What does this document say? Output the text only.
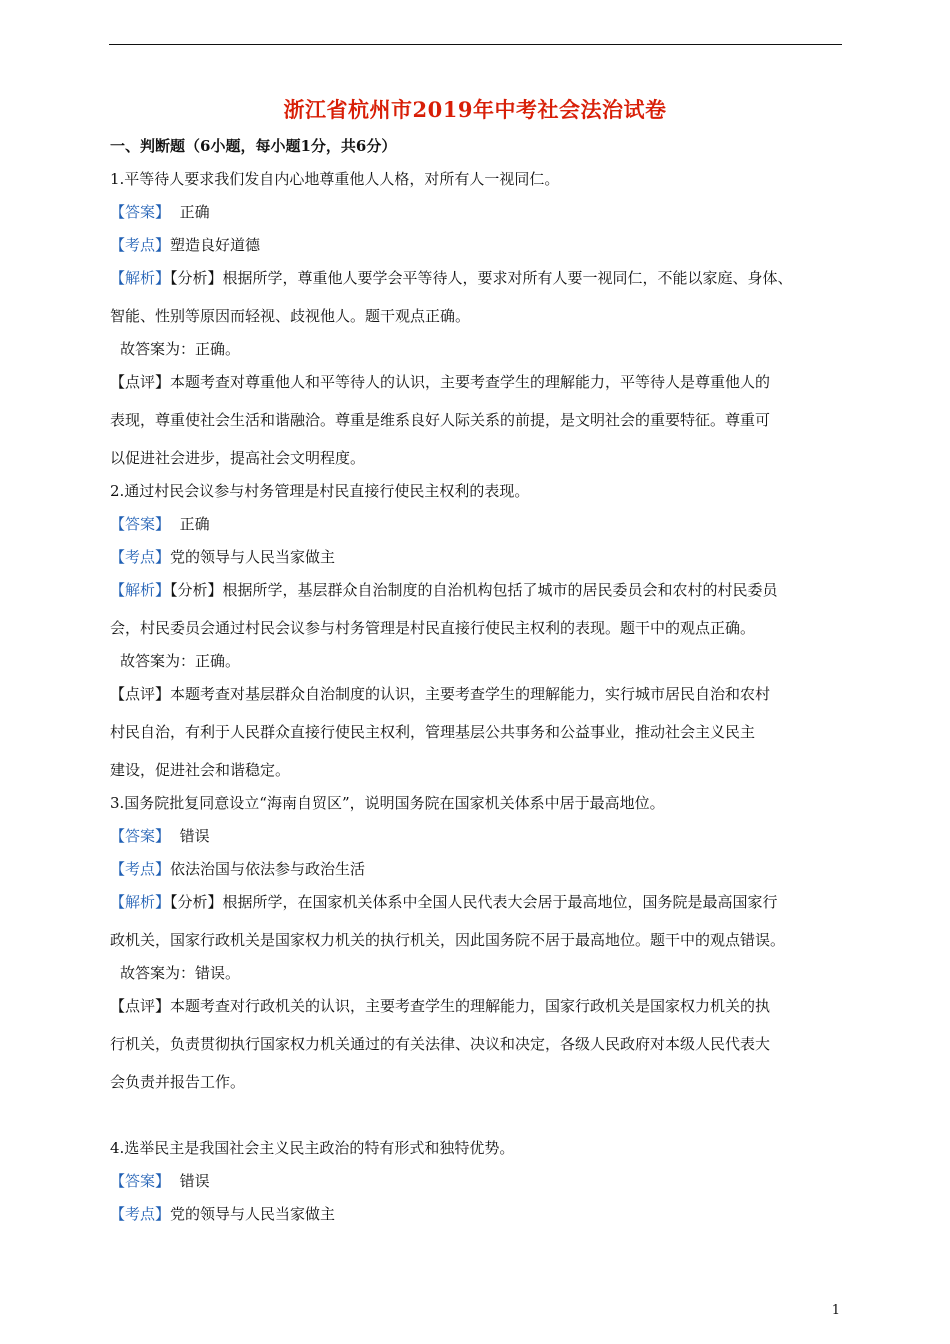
浙江省杭州市2019年中考社会法治试卷
一、判断题（6小题，每小题1分，共6分）
1.平等待人要求我们发自内心地尊重他人人格，对所有人一视同仁。
【答案】 正确
【考点】塑造良好道德
【解析】【分析】根据所学，尊重他人要学会平等待人，要求对所有人要一视同仁，不能以家庭、身体、
智能、性别等原因而轻视、歧视他人。题干观点正确。
故答案为：正确。
【点评】本题考查对尊重他人和平等待人的认识，主要考查学生的理解能力，平等待人是尊重他人的
表现，尊重使社会生活和谐融洽。尊重是维系良好人际关系的前提，是文明社会的重要特征。尊重可
以促进社会进步，提高社会文明程度。
2.通过村民会议参与村务管理是村民直接行使民主权利的表现。
【答案】 正确
【考点】党的领导与人民当家做主
【解析】【分析】根据所学，基层群众自治制度的自治机构包括了城市的居民委员会和农村的村民委员
会，村民委员会通过村民会议参与村务管理是村民直接行使民主权利的表现。题干中的观点正确。
故答案为：正确。
【点评】本题考查对基层群众自治制度的认识，主要考查学生的理解能力，实行城市居民自治和农村
村民自治，有利于人民群众直接行使民主权利，管理基层公共事务和公益事业，推动社会主义民主
建设，促进社会和谐稳定。
3.国务院批复同意设立“海南自贸区”，说明国务院在国家机关体系中居于最高地位。
【答案】 错误
【考点】依法治国与依法参与政治生活
【解析】【分析】根据所学，在国家机关体系中全国人民代表大会居于最高地位，国务院是最高国家行
政机关，国家行政机关是国家权力机关的执行机关，因此国务院不居于最高地位。题干中的观点错误。
故答案为：错误。
【点评】本题考查对行政机关的认识，主要考查学生的理解能力，国家行政机关是国家权力机关的执
行机关，负责贯彻执行国家权力机关通过的有关法律、决议和决定，各级人民政府对本级人民代表大
会负责并报告工作。
4.选举民主是我国社会主义民主政治的特有形式和独特优势。
【答案】 错误
【考点】党的领导与人民当家做主
1
